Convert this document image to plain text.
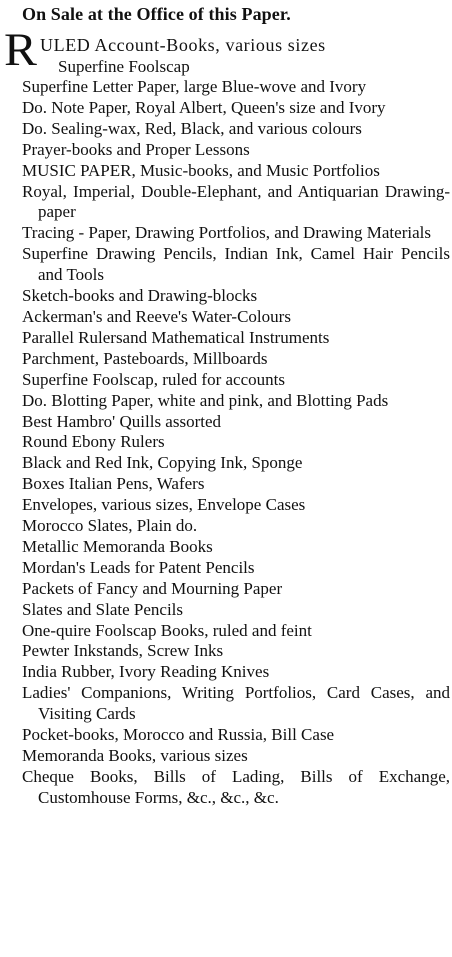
On Sale at the Office of this Paper.
R ULED Account-Books, various sizes
Superfine Foolscap
Superfine Letter Paper, large Blue-wove and Ivory
Do. Note Paper, Royal Albert, Queen's size and Ivory
Do. Sealing-wax, Red, Black, and various colours
Prayer-books and Proper Lessons
MUSIC PAPER, Music-books, and Music Portfolios
Royal, Imperial, Double-Elephant, and Antiquarian Drawing-paper
Tracing - Paper, Drawing Portfolios, and Drawing Materials
Superfine Drawing Pencils, Indian Ink, Camel Hair Pencils and Tools
Sketch-books and Drawing-blocks
Ackerman's and Reeve's Water-Colours
Parallel Rulersand Mathematical Instruments
Parchment, Pasteboards, Millboards
Superfine Foolscap, ruled for accounts
Do. Blotting Paper, white and pink, and Blotting Pads
Best Hambro' Quills assorted
Round Ebony Rulers
Black and Red Ink, Copying Ink, Sponge
Boxes Italian Pens, Wafers
Envelopes, various sizes, Envelope Cases
Morocco Slates, Plain do.
Metallic Memoranda Books
Mordan's Leads for Patent Pencils
Packets of Fancy and Mourning Paper
Slates and Slate Pencils
One-quire Foolscap Books, ruled and feint
Pewter Inkstands, Screw Inks
India Rubber, Ivory Reading Knives
Ladies' Companions, Writing Portfolios, Card Cases, and Visiting Cards
Pocket-books, Morocco and Russia, Bill Case
Memoranda Books, various sizes
Cheque Books, Bills of Lading, Bills of Exchange, Customhouse Forms, &c., &c., &c.
